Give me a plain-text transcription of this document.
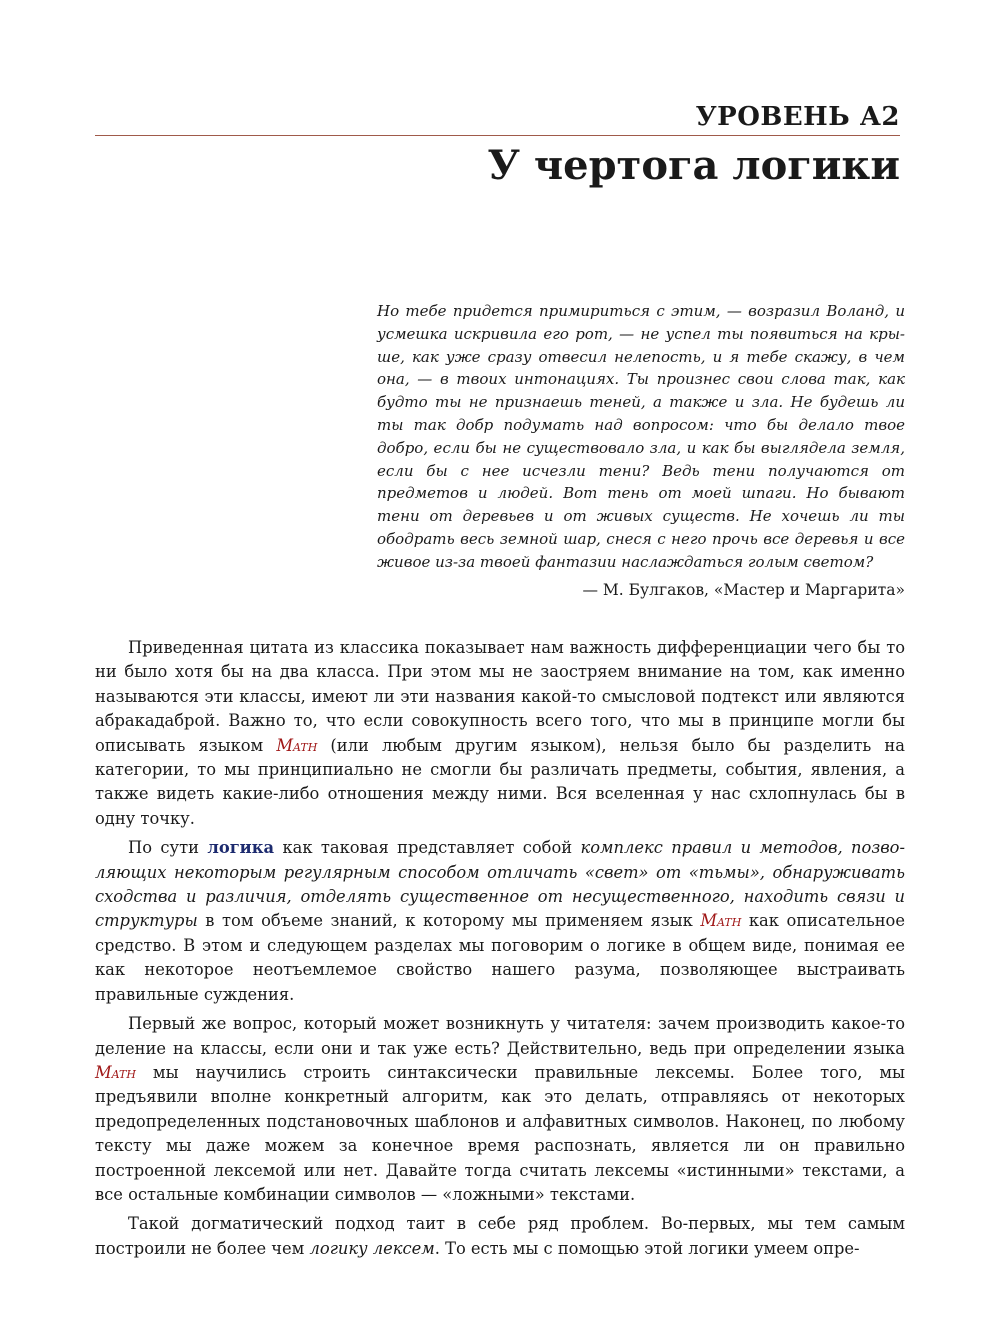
УРОВЕНЬ А2
У чертога логики

Но тебе придется примириться с этим, — возразил Воланд, и усмешка искривила его рот, — не успел ты появиться на крыше, как уже сразу отвесил нелепость, и я тебе скажу, в чем она, — в твоих интонациях. Ты произнес свои слова так, как будто ты не признаешь теней, а также и зла. Не будешь ли ты так добр подумать над вопросом: что бы делало твое добро, если бы не существовало зла, и как бы выглядела земля, если бы с нее исчезли тени? Ведь тени получаются от предметов и людей. Вот тень от моей шпаги. Но бывают тени от деревьев и от живых существ. Не хочешь ли ты ободрать весь земной шар, снеся с него прочь все деревья и все живое из-за твоей фантазии наслаждаться голым светом?

— М. Булгаков, «Мастер и Маргарита»

Приведенная цитата из классика показывает нам важность дифференциации чего бы то ни было хотя бы на два класса. При этом мы не заостряем внимание на том, как именно называются эти классы, имеют ли эти названия какой-то смысловой подтекст или являются абракадаброй. Важно то, что если совокупность всего того, что мы в принципе могли бы описывать языком Math (или любым другим языком), нельзя было бы разделить на категории, то мы принципиально не смогли бы различать предметы, события, явления, а также видеть какие-либо отношения между ними. Вся вселенная у нас схлопнулась бы в одну точку.

По сути логика как таковая представляет собой комплекс правил и методов, позволяющих некоторым регулярным способом отличать «свет» от «тьмы», обнаруживать сходства и различия, отделять существенное от несущественного, находить связи и структуры в том объеме знаний, к которому мы применяем язык Math как описательное средство. В этом и следующем разделах мы поговорим о логике в общем виде, понимая ее как некоторое неотъемлемое свойство нашего разума, позволяющее выстраивать правильные суждения.

Первый же вопрос, который может возникнуть у читателя: зачем производить какое-то деление на классы, если они и так уже есть? Действительно, ведь при определении языка Math мы научились строить синтаксически правильные лексемы. Более того, мы предъявили вполне конкретный алгоритм, как это делать, отправляясь от некоторых предопределенных подстановочных шаблонов и алфавитных символов. Наконец, по любому тексту мы даже можем за конечное время распознать, является ли он правильно построенной лексемой или нет. Давайте тогда считать лексемы «истинными» текстами, а все остальные комбинации символов — «ложными» текстами.

Такой догматический подход таит в себе ряд проблем. Во-первых, мы тем самым построили не более чем логику лексем. То есть мы с помощью этой логики умеем опре-
